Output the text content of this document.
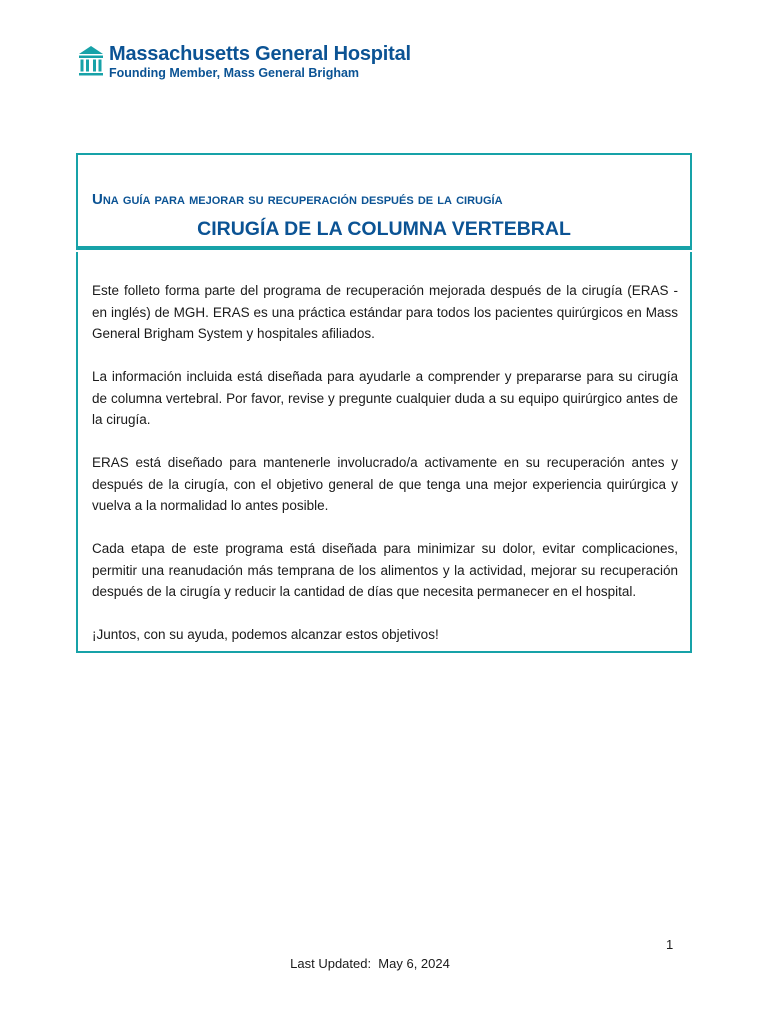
Massachusetts General Hospital
Founding Member, Mass General Brigham
Una guía para mejorar su recuperación después de la cirugía
CIRUGÍA DE LA COLUMNA VERTEBRAL

Este folleto forma parte del programa de recuperación mejorada después de la cirugía (ERAS - en inglés) de MGH. ERAS es una práctica estándar para todos los pacientes quirúrgicos en Mass General Brigham System y hospitales afiliados.

La información incluida está diseñada para ayudarle a comprender y prepararse para su cirugía de columna vertebral. Por favor, revise y pregunte cualquier duda a su equipo quirúrgico antes de la cirugía.

ERAS está diseñado para mantenerle involucrado/a activamente en su recuperación antes y después de la cirugía, con el objetivo general de que tenga una mejor experiencia quirúrgica y vuelva a la normalidad lo antes posible.

Cada etapa de este programa está diseñada para minimizar su dolor, evitar complicaciones, permitir una reanudación más temprana de los alimentos y la actividad, mejorar su recuperación después de la cirugía y reducir la cantidad de días que necesita permanecer en el hospital.

¡Juntos, con su ayuda, podemos alcanzar estos objetivos!

1
Last Updated:  May 6, 2024
